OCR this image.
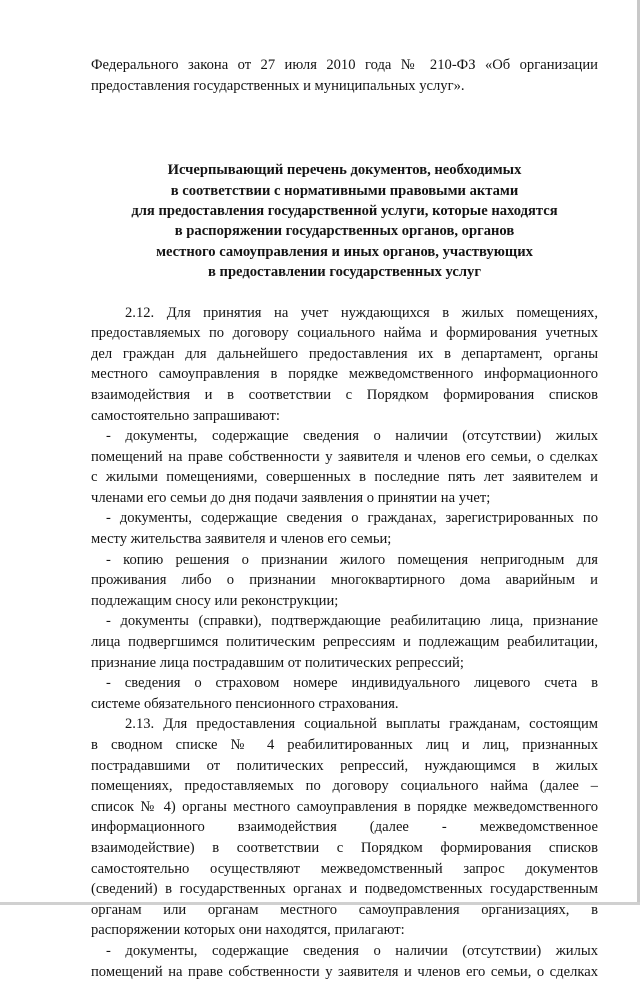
Федерального закона от 27 июля 2010 года № 210-ФЗ «Об организации
предоставления государственных и муниципальных услуг».
Исчерпывающий перечень документов, необходимых
в соответствии с нормативными правовыми актами
для предоставления государственной услуги, которые находятся
в распоряжении государственных органов, органов
местного самоуправления и иных органов, участвующих
в предоставлении государственных услуг
2.12. Для принятия на учет нуждающихся в жилых помещениях,
предоставляемых по договору социального найма и формирования учетных
дел граждан для дальнейшего предоставления их в департамент, органы
местного самоуправления в порядке межведомственного информационного
взаимодействия и в соответствии с Порядком формирования списков
самостоятельно запрашивают:
- документы, содержащие сведения о наличии (отсутствии) жилых
помещений на праве собственности у заявителя и членов его семьи, о сделках
с жилыми помещениями, совершенных в последние пять лет заявителем и
членами его семьи до дня подачи заявления о принятии на учет;
- документы, содержащие сведения о гражданах, зарегистрированных по
месту жительства заявителя и членов его семьи;
- копию решения о признании жилого помещения непригодным для
проживания либо о признании многоквартирного дома аварийным и
подлежащим сносу или реконструкции;
- документы (справки), подтверждающие реабилитацию лица, признание
лица подвергшимся политическим репрессиям и подлежащим реабилитации,
признание лица пострадавшим от политических репрессий;
- сведения о страховом номере индивидуального лицевого счета в
системе обязательного пенсионного страхования.
2.13. Для предоставления социальной выплаты гражданам, состоящим
в сводном списке № 4 реабилитированных лиц и лиц, признанных
пострадавшими от политических репрессий, нуждающимся в жилых
помещениях, предоставляемых по договору социального найма (далее –
список № 4) органы местного самоуправления в порядке межведомственного
информационного взаимодействия (далее - межведомственное
взаимодействие) в соответствии с Порядком формирования списков
самостоятельно осуществляют межведомственный запрос документов
(сведений) в государственных органах и подведомственных государственным
органам или органам местного самоуправления организациях, в
распоряжении которых они находятся, прилагают:
- документы, содержащие сведения о наличии (отсутствии) жилых
помещений на праве собственности у заявителя и членов его семьи, о сделках
